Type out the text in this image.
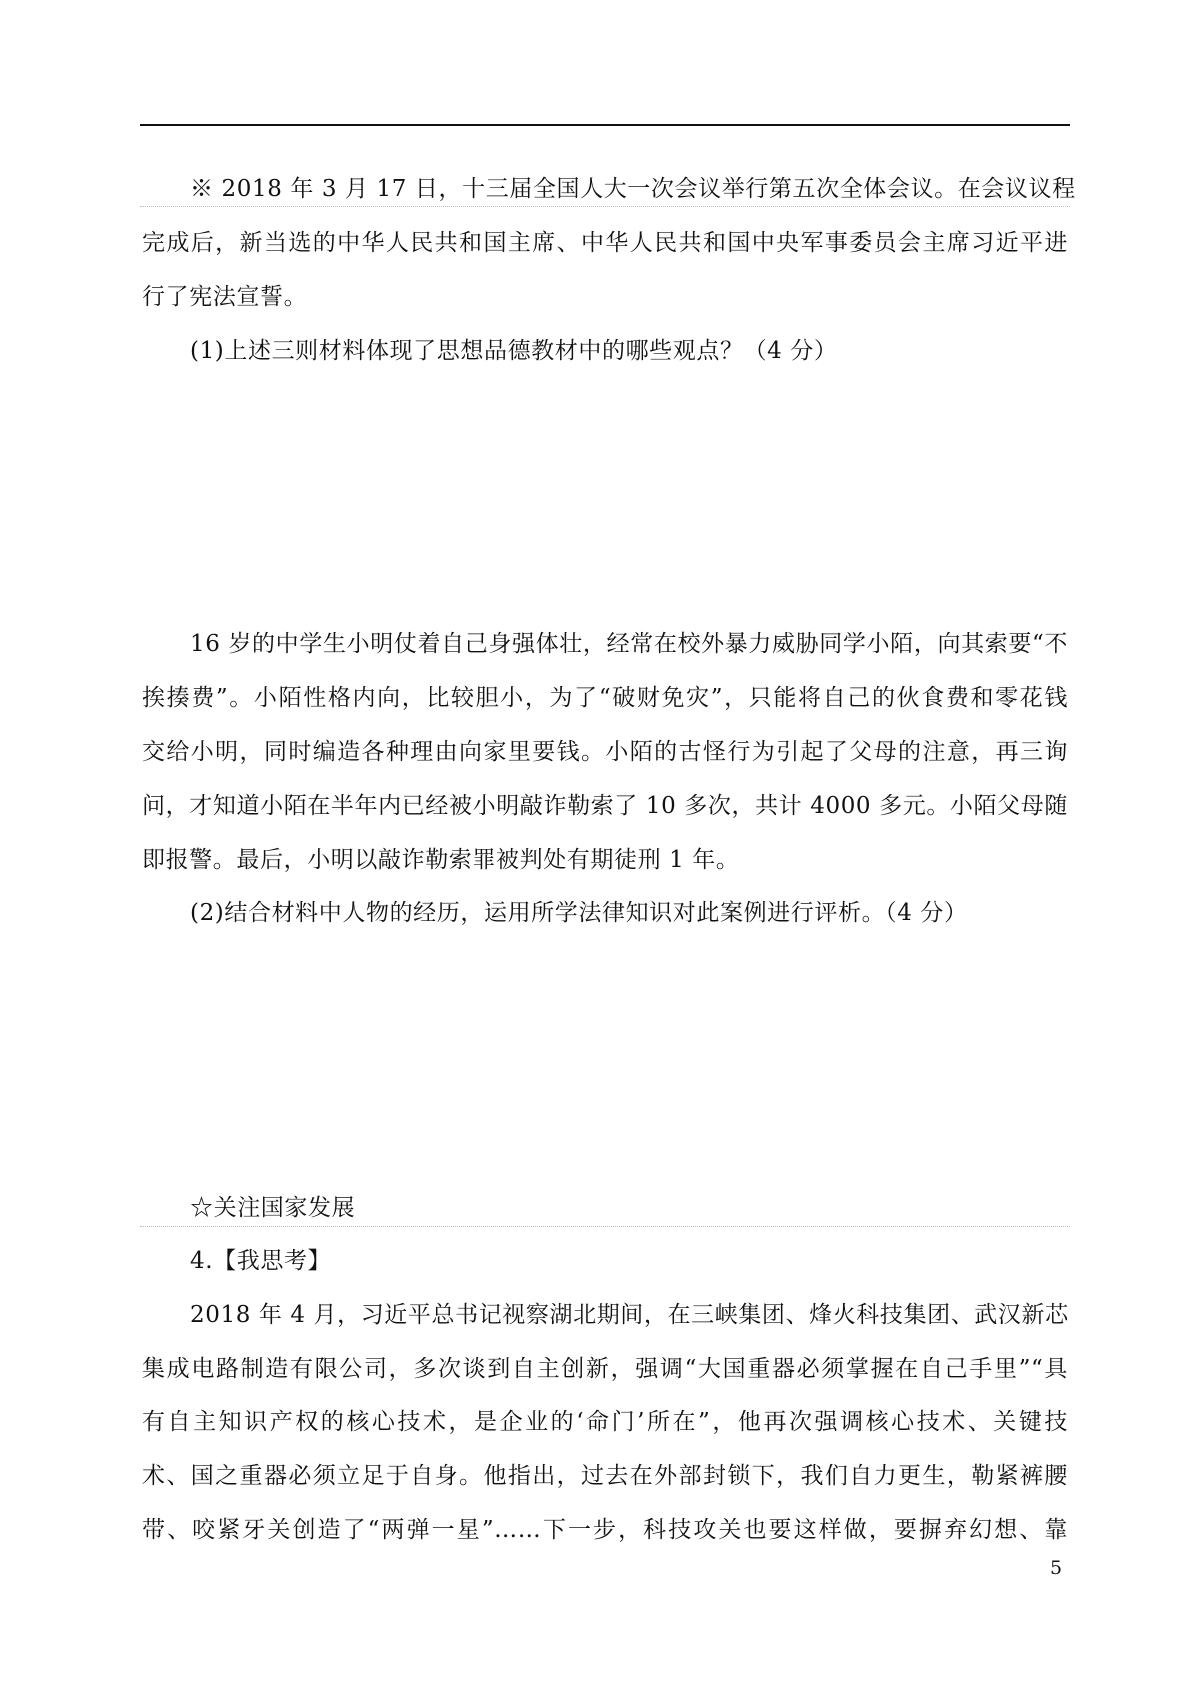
※ 2018 年 3 月 17 日，十三届全国人大一次会议举行第五次全体会议。在会议议程
完成后，新当选的中华人民共和国主席、中华人民共和国中央军事委员会主席习近平进
行了宪法宣誓。
(1)上述三则材料体现了思想品德教材中的哪些观点？（4 分）
16 岁的中学生小明仗着自己身强体壮，经常在校外暴力威胁同学小陌，向其索要“不
挨揍费”。小陌性格内向，比较胆小，为了“破财免灾”，只能将自己的伙食费和零花钱
交给小明，同时编造各种理由向家里要钱。小陌的古怪行为引起了父母的注意，再三询
问，才知道小陌在半年内已经被小明敲诈勒索了 10 多次，共计 4000 多元。小陌父母随
即报警。最后，小明以敲诈勒索罪被判处有期徒刑 1 年。
(2)结合材料中人物的经历，运用所学法律知识对此案例进行评析。（4 分）
☆关注国家发展
4.【我思考】
2018 年 4 月，习近平总书记视察湖北期间，在三峡集团、烽火科技集团、武汉新芯
集成电路制造有限公司，多次谈到自主创新，强调“大国重器必须掌握在自己手里”“具
有自主知识产权的核心技术，是企业的‘命门’所在”，他再次强调核心技术、关键技
术、国之重器必须立足于自身。他指出，过去在外部封锁下，我们自力更生，勒紧裤腰
带、咬紧牙关创造了“两弹一星”……下一步，科技攻关也要这样做，要摒弃幻想、靠
5
